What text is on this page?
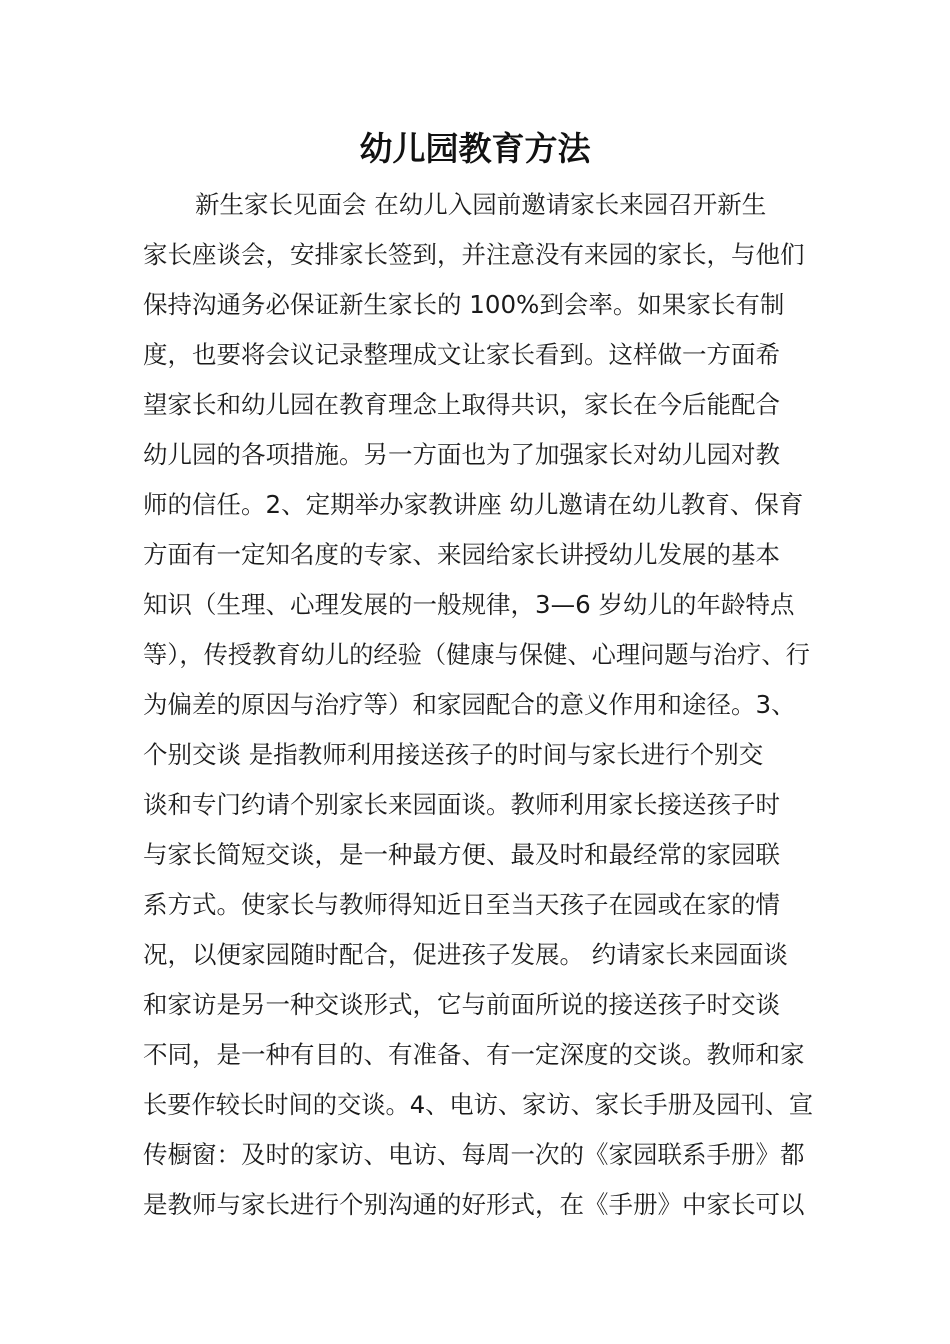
幼儿园教育方法
新生家长见面会 在幼儿入园前邀请家长来园召开新生
家长座谈会，安排家长签到，并注意没有来园的家长，与他们
保持沟通务必保证新生家长的 100%到会率。如果家长有制
度，也要将会议记录整理成文让家长看到。这样做一方面希
望家长和幼儿园在教育理念上取得共识，家长在今后能配合
幼儿园的各项措施。另一方面也为了加强家长对幼儿园对教
师的信任。2、定期举办家教讲座 幼儿邀请在幼儿教育、保育
方面有一定知名度的专家、来园给家长讲授幼儿发展的基本
知识（生理、心理发展的一般规律，3—6 岁幼儿的年龄特点
等），传授教育幼儿的经验（健康与保健、心理问题与治疗、行
为偏差的原因与治疗等）和家园配合的意义作用和途径。3、
个别交谈 是指教师利用接送孩子的时间与家长进行个别交
谈和专门约请个别家长来园面谈。教师利用家长接送孩子时
与家长简短交谈，是一种最方便、最及时和最经常的家园联
系方式。使家长与教师得知近日至当天孩子在园或在家的情
况，以便家园随时配合，促进孩子发展。 约请家长来园面谈
和家访是另一种交谈形式，它与前面所说的接送孩子时交谈
不同，是一种有目的、有准备、有一定深度的交谈。教师和家
长要作较长时间的交谈。4、电访、家访、家长手册及园刊、宣
传橱窗：及时的家访、电访、每周一次的《家园联系手册》都
是教师与家长进行个别沟通的好形式，在《手册》中家长可以
